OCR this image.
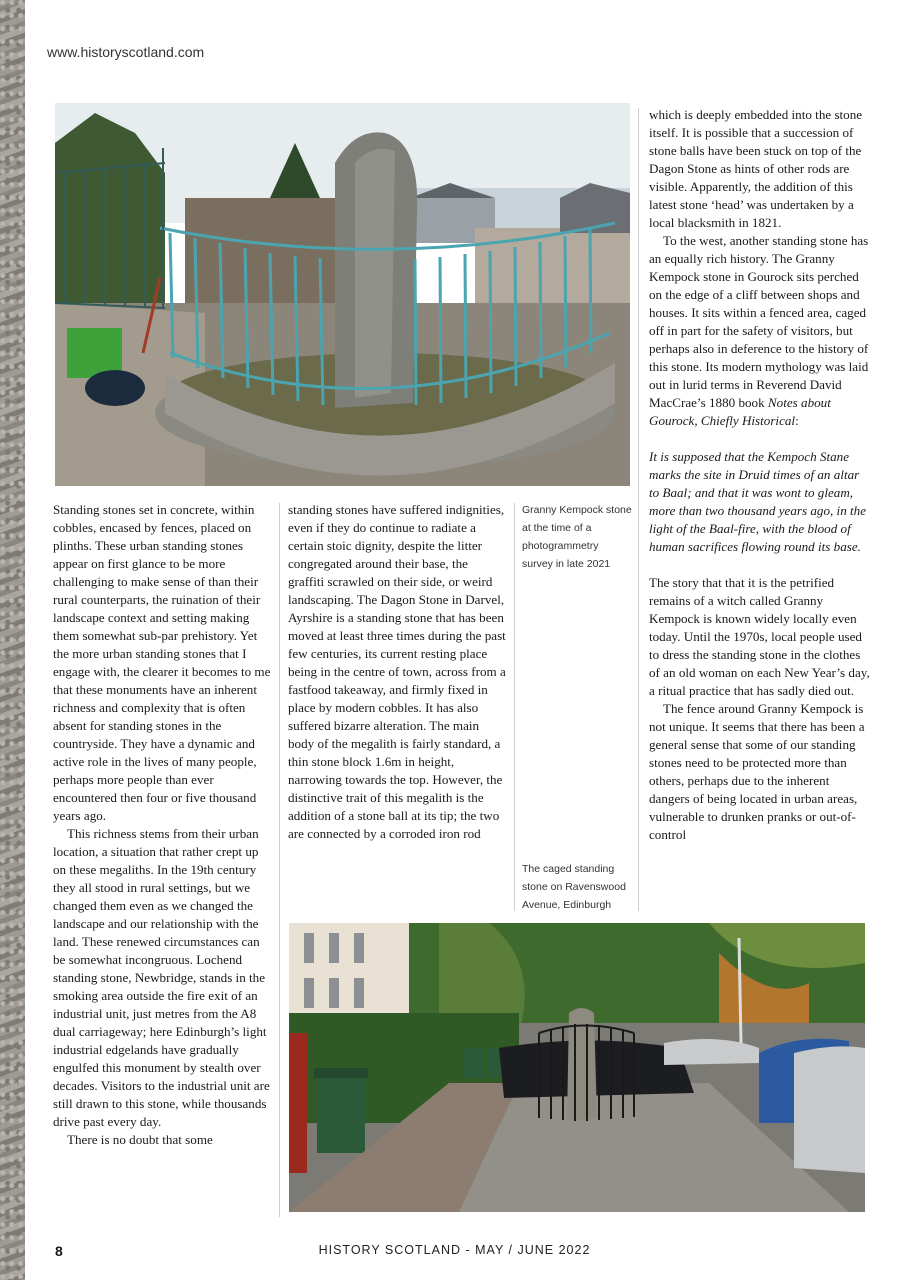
www.historyscotland.com

Standing stones set in concrete, within cobbles, encased by fences, placed on plinths. These urban standing stones appear on first glance to be more challenging to make sense of than their rural counterparts, the ruination of their landscape context and setting making them somewhat sub-par prehistory. Yet the more urban standing stones that I engage with, the clearer it becomes to me that these monuments have an inherent richness and complexity that is often absent for standing stones in the countryside. They have a dynamic and active role in the lives of many people, perhaps more people than ever encountered then four or five thousand years ago.

This richness stems from their urban location, a situation that rather crept up on these megaliths. In the 19th century they all stood in rural settings, but we changed them even as we changed the landscape and our relationship with the land. These renewed circumstances can be somewhat incongruous. Lochend standing stone, Newbridge, stands in the smoking area outside the fire exit of an industrial unit, just metres from the A8 dual carriageway; here Edinburgh’s light industrial edgelands have gradually engulfed this monument by stealth over decades. Visitors to the industrial unit are still drawn to this stone, while thousands drive past every day.

There is no doubt that some

standing stones have suffered indignities, even if they do continue to radiate a certain stoic dignity, despite the litter congregated around their base, the graffiti scrawled on their side, or weird landscaping. The Dagon Stone in Darvel, Ayrshire is a standing stone that has been moved at least three times during the past few centuries, its current resting place being in the centre of town, across from a fastfood takeaway, and firmly fixed in place by modern cobbles. It has also suffered bizarre alteration. The main body of the megalith is fairly standard, a thin stone block 1.6m in height, narrowing towards the top. However, the distinctive trait of this megalith is the addition of a stone ball at its tip; the two are connected by a corroded iron rod

Granny Kempock stone at the time of a photogrammetry survey in late 2021
The caged standing stone on Ravenswood Avenue, Edinburgh

which is deeply embedded into the stone itself. It is possible that a succession of stone balls have been stuck on top of the Dagon Stone as hints of other rods are visible. Apparently, the addition of this latest stone ‘head’ was undertaken by a local blacksmith in 1821.

To the west, another standing stone has an equally rich history. The Granny Kempock stone in Gourock sits perched on the edge of a cliff between shops and houses. It sits within a fenced area, caged off in part for the safety of visitors, but perhaps also in deference to the history of this stone. Its modern mythology was laid out in lurid terms in Reverend David MacCrae’s 1880 book Notes about Gourock, Chiefly Historical:

It is supposed that the Kempoch Stane marks the site in Druid times of an altar to Baal; and that it was wont to gleam, more than two thousand years ago, in the light of the Baal-fire, with the blood of human sacrifices flowing round its base.

The story that that it is the petrified remains of a witch called Granny Kempock is known widely locally even today. Until the 1970s, local people used to dress the standing stone in the clothes of an old woman on each New Year’s day, a ritual practice that has sadly died out.

The fence around Granny Kempock is not unique. It seems that there has been a general sense that some of our standing stones need to be protected more than others, perhaps due to the inherent dangers of being located in urban areas, vulnerable to drunken pranks or out-of-control

8	HISTORY SCOTLAND - MAY / JUNE 2022
